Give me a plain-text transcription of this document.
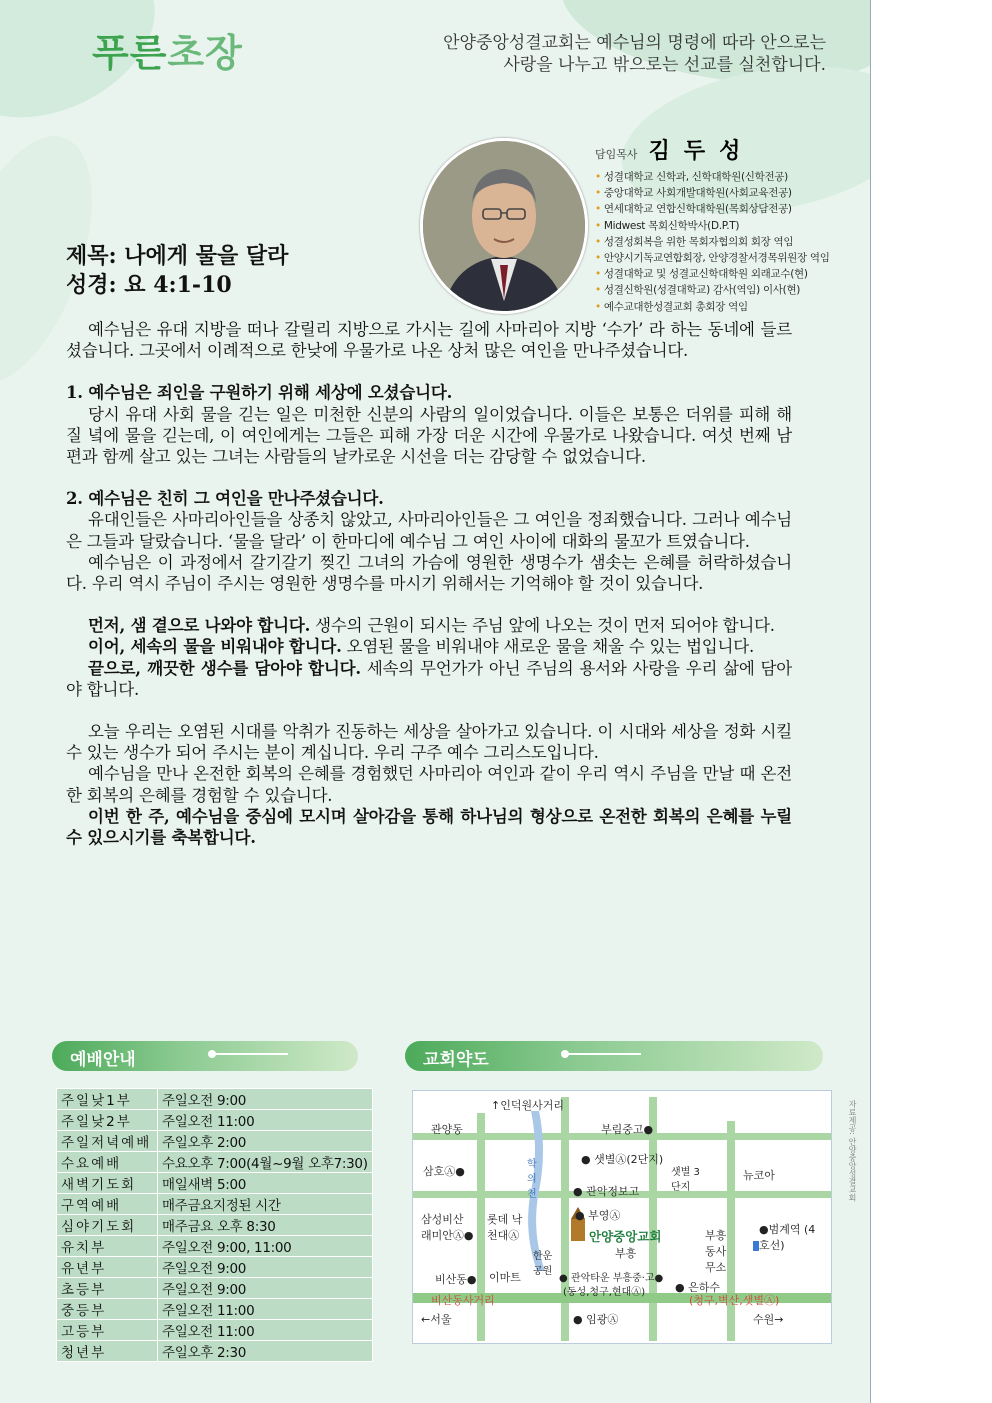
푸른초장	안양중앙성결교회는 예수님의 명령에 따라 안으로는
사랑을 나누고 밖으로는 선교를 실천합니다.
담임목사 김두성
• 성결대학교 신학과, 신학대학원(신학전공)
• 중앙대학교 사회개발대학원(사회교육전공)
• 연세대학교 연합신학대학원(목회상담전공)
• Midwest 목회신학박사(D.P.T)
• 성결성회복을 위한 목회자협의회 회장 역임
• 안양시기독교연합회장, 안양경찰서경목위원장 역임
• 성결대학교 및 성결교신학대학원 외래교수(현)
• 성결신학원(성결대학교) 감사(역임) 이사(현)
• 예수교대한성결교회 총회장 역임
제목: 나에게 물을 달라
성경: 요 4:1-10

예수님은 유대 지방을 떠나 갈릴리 지방으로 가시는 길에 사마리아 지방 ‘수가’ 라 하는 동네에 들르셨습니다. 그곳에서 이례적으로 한낮에 우물가로 나온 상처 많은 여인을 만나주셨습니다.

1. 예수님은 죄인을 구원하기 위해 세상에 오셨습니다.

당시 유대 사회 물을 긷는 일은 미천한 신분의 사람의 일이었습니다. 이들은 보통은 더위를 피해 해 질 녘에 물을 긷는데, 이 여인에게는 그들은 피해 가장 더운 시간에 우물가로 나왔습니다. 여섯 번째 남편과 함께 살고 있는 그녀는 사람들의 날카로운 시선을 더는 감당할 수 없었습니다.

2. 예수님은 친히 그 여인을 만나주셨습니다.

유대인들은 사마리아인들을 상종치 않았고, 사마리아인들은 그 여인을 정죄했습니다. 그러나 예수님은 그들과 달랐습니다. ‘물을 달라’ 이 한마디에 예수님 그 여인 사이에 대화의 물꼬가 트였습니다.

예수님은 이 과정에서 갈기갈기 찢긴 그녀의 가슴에 영원한 생명수가 샘솟는 은혜를 허락하셨습니다. 우리 역시 주님이 주시는 영원한 생명수를 마시기 위해서는 기억해야 할 것이 있습니다.

먼저, 샘 곁으로 나와야 합니다. 생수의 근원이 되시는 주님 앞에 나오는 것이 먼저 되어야 합니다.

이어, 세속의 물을 비워내야 합니다. 오염된 물을 비워내야 새로운 물을 채울 수 있는 법입니다.

끝으로, 깨끗한 생수를 담아야 합니다. 세속의 무언가가 아닌 주님의 용서와 사랑을 우리 삶에 담아야 합니다.

오늘 우리는 오염된 시대를 악취가 진동하는 세상을 살아가고 있습니다. 이 시대와 세상을 정화 시킬 수 있는 생수가 되어 주시는 분이 계십니다. 우리 구주 예수 그리스도입니다.

예수님을 만나 온전한 회복의 은혜를 경험했던 사마리아 여인과 같이 우리 역시 주님을 만날 때 온전한 회복의 은혜를 경험할 수 있습니다.

이번 한 주, 예수님을 중심에 모시며 살아감을 통해 하나님의 형상으로 온전한 회복의 은혜를 누릴 수 있으시기를 축복합니다.

예배안내
주일낮1부	주일오전 9:00
주일낮2부	주일오전 11:00
주일저녁예배	주일오후 2:00
수요예배	수요오후 7:00(4월~9월 오후7:30)
새벽기도회	매일새벽 5:00
구역예배	매주금요지정된 시간
심야기도회	매주금요 오후 8:30
유치부	주일오전 9:00, 11:00
유년부	주일오전 9:00
초등부	주일오전 9:00
중등부	주일오전 11:00
고등부	주일오전 11:00
청년부	주일오후 2:30
교회약도
↑인덕원사거리
관양동	부림중고●
삼호Ⓐ●
● 샛별Ⓐ(2단지)
샛별 3단지
학의천
뉴코아
● 관악정보고
삼성비산 래미안Ⓐ●
롯데 낙천대Ⓐ
● 부영Ⓐ
안양중앙교회
부흥
부흥 동사 무소
●범계역 (4호선)
비산동● 이마트
한운 공원
● 관악타운 부흥중·고●
(동성,청구,현대Ⓐ)	● 은하수
비산동사거리	(청구,벽산,샛별Ⓐ)
←서울	● 임광Ⓐ	수원→
자료제공: 안양중앙성결교회
